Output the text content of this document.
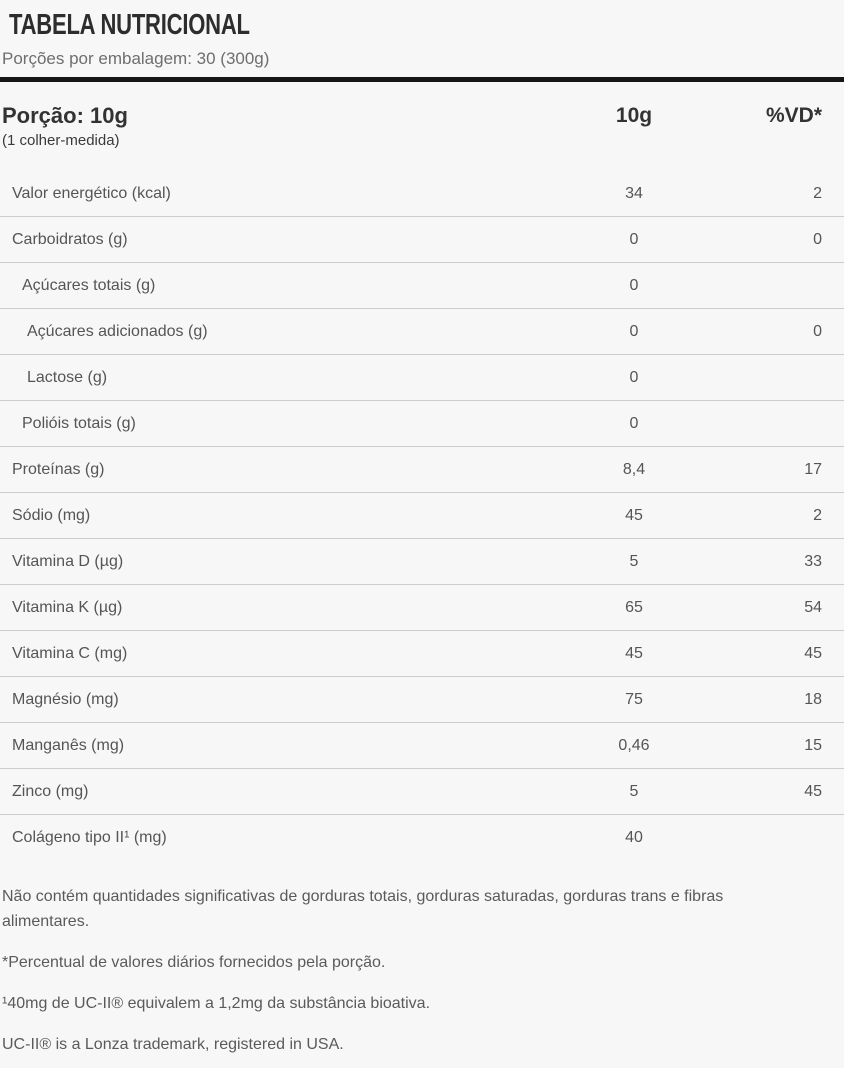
TABELA NUTRICIONAL
Porções por embalagem: 30 (300g)
Porção: 10g
(1 colher-medida)
10g	%VD*
Valor energético (kcal)	34	2
Carboidratos (g)	0	0
Açúcares totais (g)	0
Açúcares adicionados (g)	0	0
Lactose (g)	0
Polióis totais (g)	0
Proteínas (g)	8,4	17
Sódio (mg)	45	2
Vitamina D (µg)	5	33
Vitamina K (µg)	65	54
Vitamina C (mg)	45	45
Magnésio (mg)	75	18
Manganês (mg)	0,46	15
Zinco (mg)	5	45
Colágeno tipo II¹ (mg)	40

Não contém quantidades significativas de gorduras totais, gorduras saturadas, gorduras trans e fibras alimentares.

*Percentual de valores diários fornecidos pela porção.

¹40mg de UC-II® equivalem a 1,2mg da substância bioativa.

UC-II® is a Lonza trademark, registered in USA.
